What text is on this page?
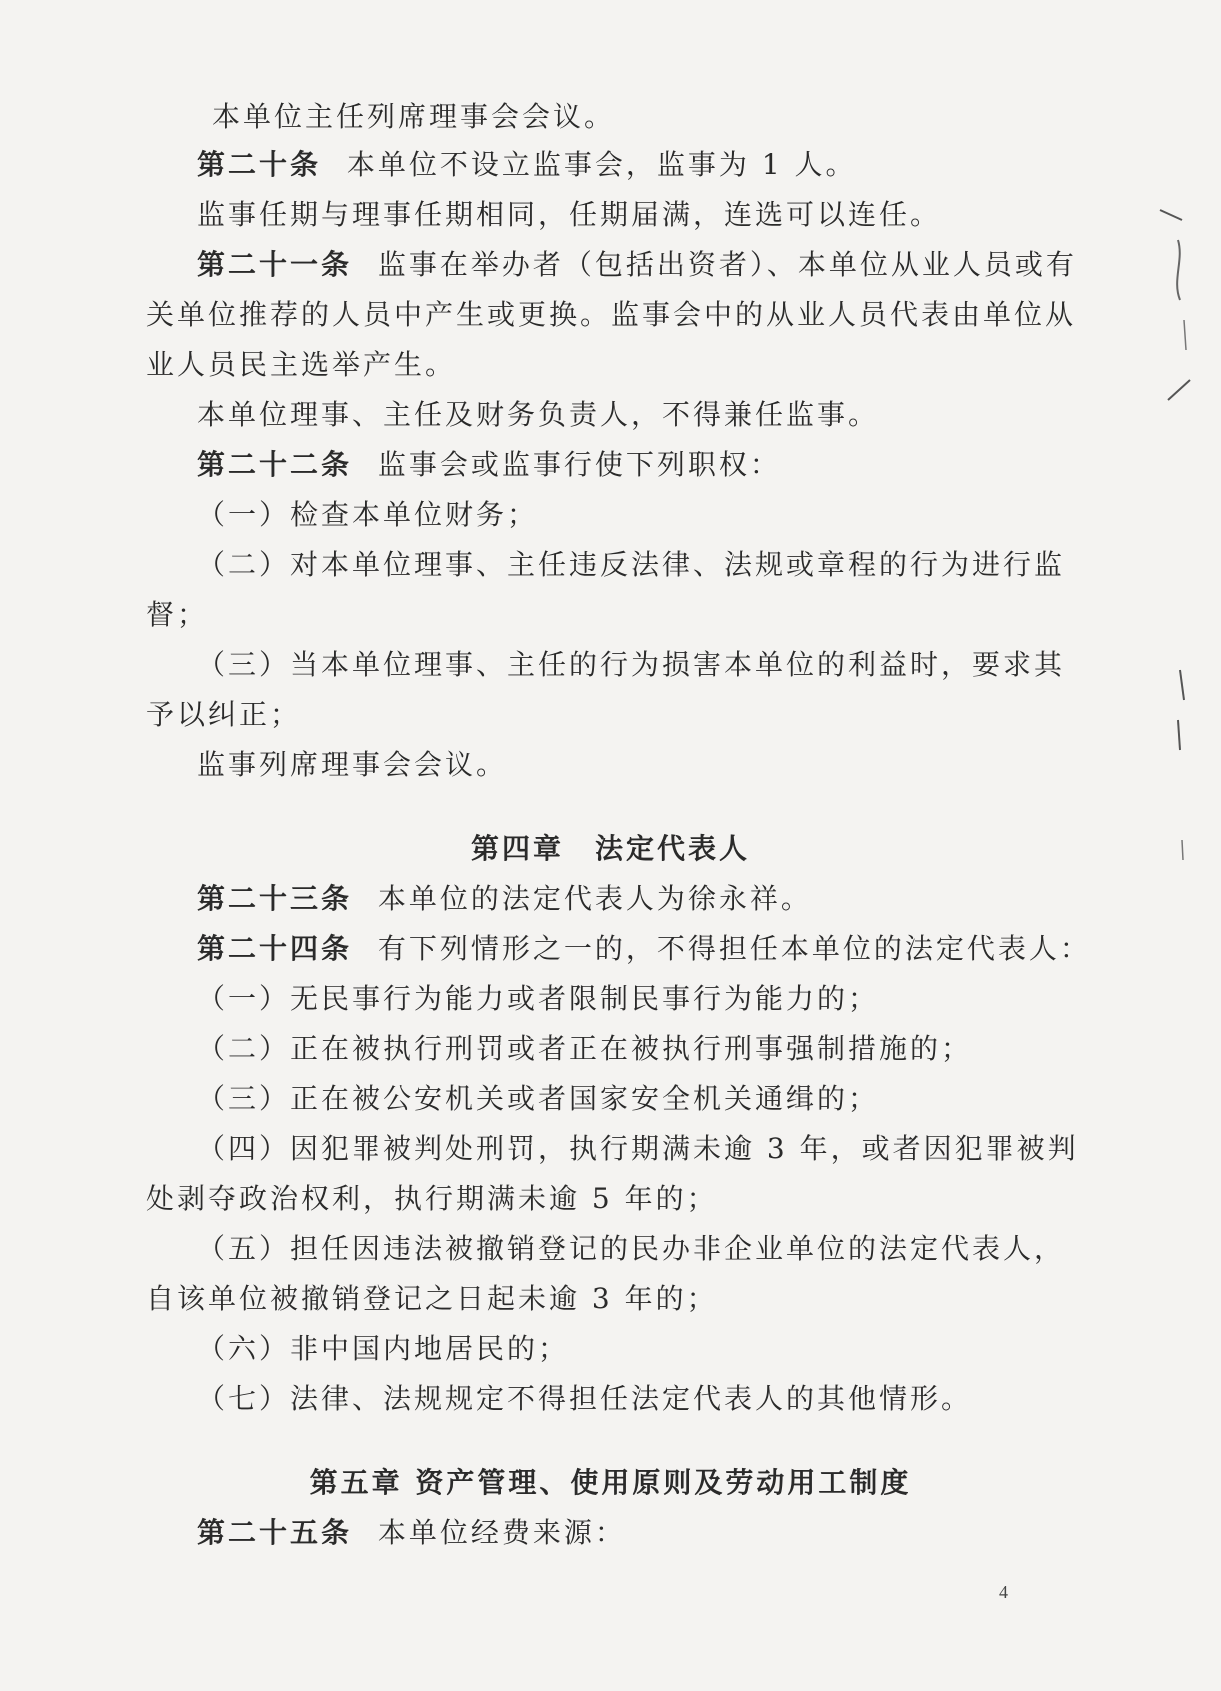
本单位主任列席理事会会议。
第二十条 本单位不设立监事会，监事为 1 人。
监事任期与理事任期相同，任期届满，连选可以连任。
第二十一条 监事在举办者（包括出资者）、本单位从业人员或有
关单位推荐的人员中产生或更换。监事会中的从业人员代表由单位从
业人员民主选举产生。
本单位理事、主任及财务负责人，不得兼任监事。
第二十二条 监事会或监事行使下列职权：
（一）检查本单位财务；
（二）对本单位理事、主任违反法律、法规或章程的行为进行监
督；
（三）当本单位理事、主任的行为损害本单位的利益时，要求其
予以纠正；
监事列席理事会会议。
第四章　法定代表人
第二十三条 本单位的法定代表人为徐永祥。
第二十四条 有下列情形之一的，不得担任本单位的法定代表人：
（一）无民事行为能力或者限制民事行为能力的；
（二）正在被执行刑罚或者正在被执行刑事强制措施的；
（三）正在被公安机关或者国家安全机关通缉的；
（四）因犯罪被判处刑罚，执行期满未逾 3 年，或者因犯罪被判
处剥夺政治权利，执行期满未逾 5 年的；
（五）担任因违法被撤销登记的民办非企业单位的法定代表人，
自该单位被撤销登记之日起未逾 3 年的；
（六）非中国内地居民的；
（七）法律、法规规定不得担任法定代表人的其他情形。
第五章 资产管理、使用原则及劳动用工制度
第二十五条 本单位经费来源：
4
